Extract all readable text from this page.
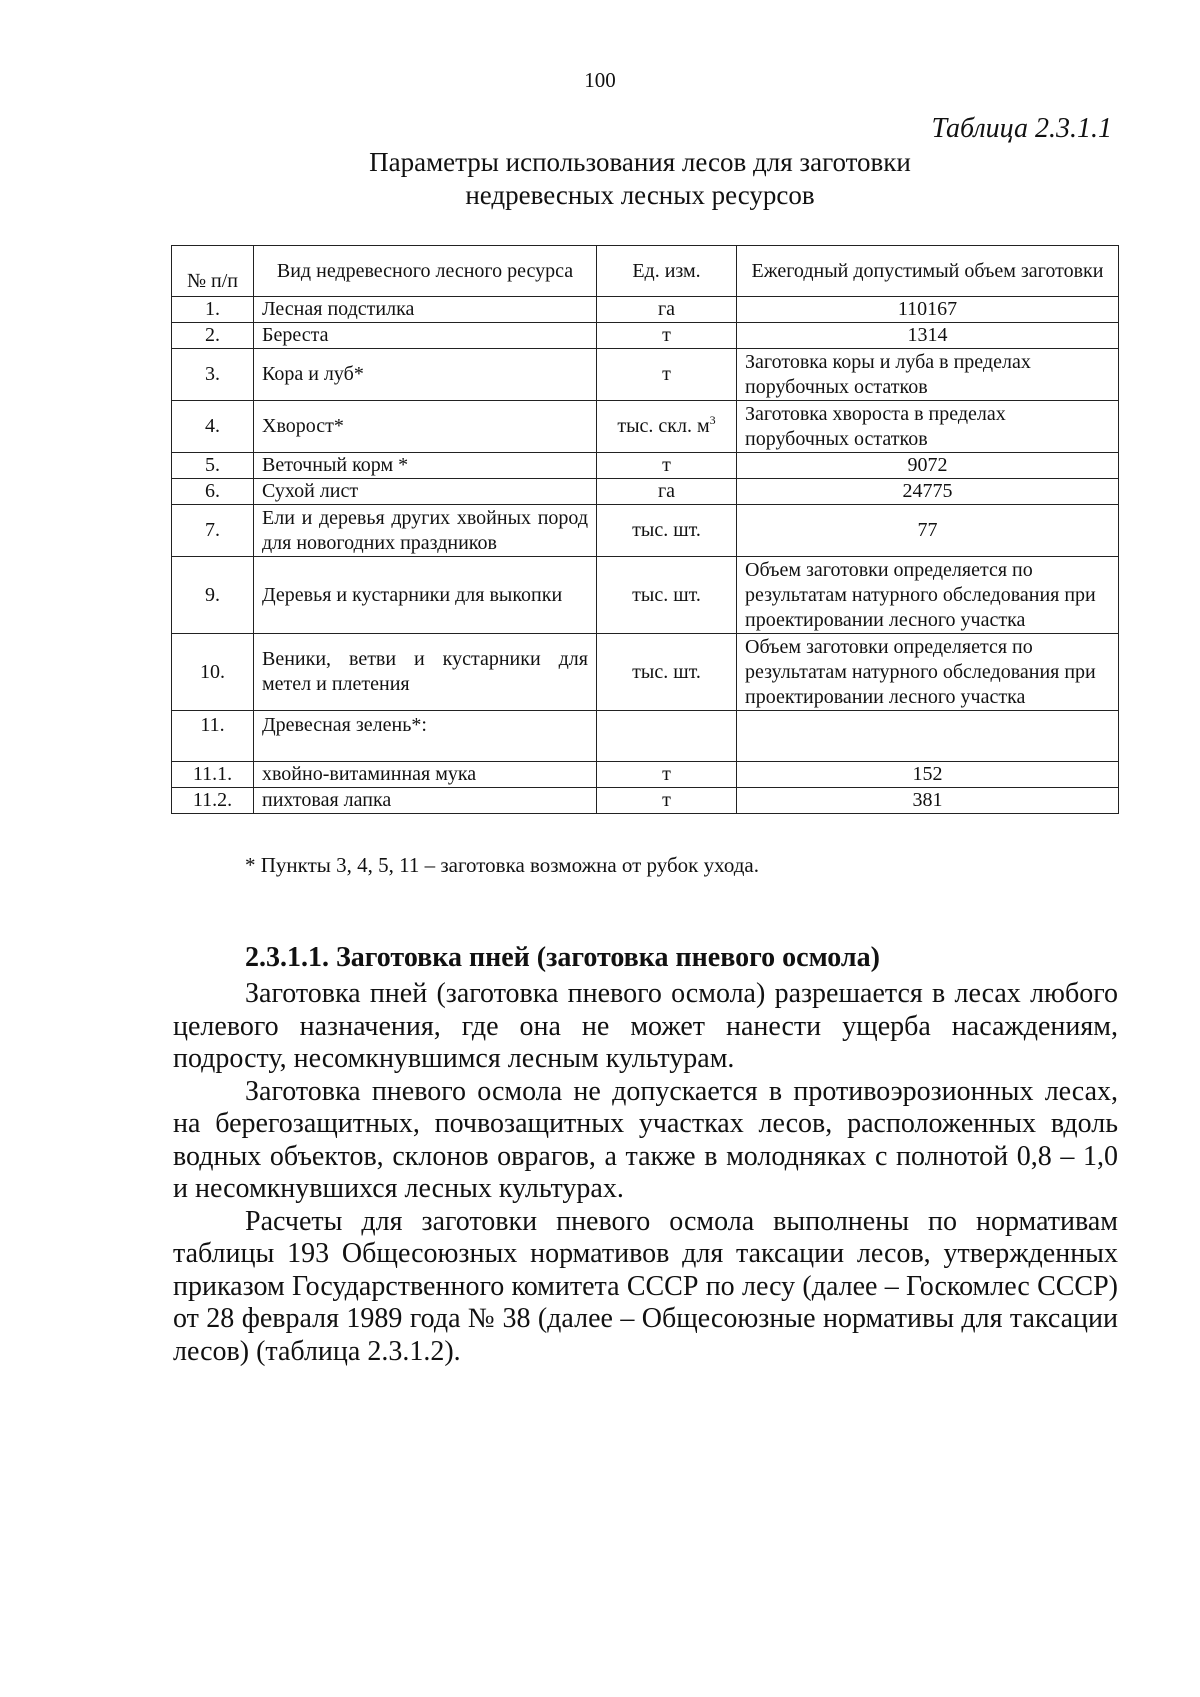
100
Таблица 2.3.1.1
Параметры использования лесов для заготовки
недревесных лесных ресурсов
№ п/п	Вид недревесного лесного ресурса	Ед. изм.	Ежегодный допустимый объем заготовки
1.	Лесная подстилка	га	110167
2.	Береста	т	1314
3.	Кора и луб*	т	Заготовка коры и луба в пределах порубочных остатков
4.	Хворост*	тыс. скл. $м^3$	Заготовка хвороста в пределах порубочных остатков
5.	Веточный корм *	т	9072
6.	Сухой лист	га	24775
7.	Ели и деревья других хвойных пород для новогодних праздников	тыс. шт.	77
9.	Деревья и кустарники для выкопки	тыс. шт.	Объем заготовки определяется по результатам натурного обследования при проектировании лесного участка
10.	Веники, ветви и кустарники для метел и плетения	тыс. шт.	Объем заготовки определяется по результатам натурного обследования при проектировании лесного участка
11.	Древесная зелень*:		
11.1.	хвойно-витаминная мука	т	152
11.2.	пихтовая лапка	т	381
* Пункты 3, 4, 5, 11 – заготовка возможна от рубок ухода.
2.3.1.1. Заготовка пней (заготовка пневого осмола)

Заготовка пней (заготовка пневого осмола) разрешается в лесах любого целевого назначения, где она не может нанести ущерба насаждениям, подросту, несомкнувшимся лесным культурам.

Заготовка пневого осмола не допускается в противоэрозионных лесах, на берегозащитных, почвозащитных участках лесов, расположенных вдоль водных объектов, склонов оврагов, а также в молодняках с полнотой 0,8 – 1,0 и несомкнувшихся лесных культурах.

Расчеты для заготовки пневого осмола выполнены по нормативам таблицы 193 Общесоюзных нормативов для таксации лесов, утвержденных приказом Государственного комитета СССР по лесу (далее – Госкомлес СССР) от 28 февраля 1989 года № 38 (далее – Общесоюзные нормативы для таксации лесов) (таблица 2.3.1.2).
